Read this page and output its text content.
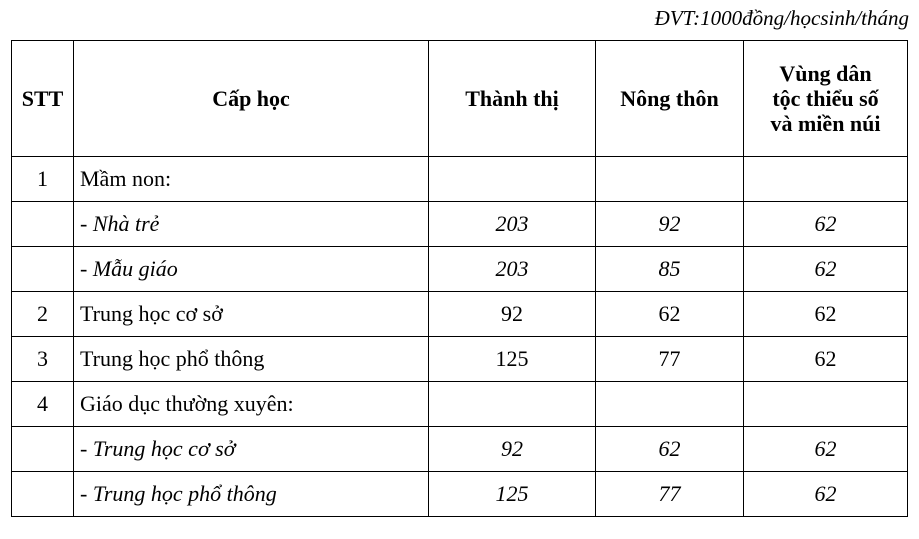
ĐVT:1000đồng/họcsinh/tháng
STT	Cấp học	Thành thị	Nông thôn	Vùng dân
tộc thiểu số
và miền núi
1	Mầm non:			
	- Nhà trẻ	203	92	62
	- Mẫu giáo	203	85	62
2	Trung học cơ sở	92	62	62
3	Trung học phổ thông	125	77	62
4	Giáo dục thường xuyên:			
	- Trung học cơ sở	92	62	62
	- Trung học phổ thông	125	77	62
